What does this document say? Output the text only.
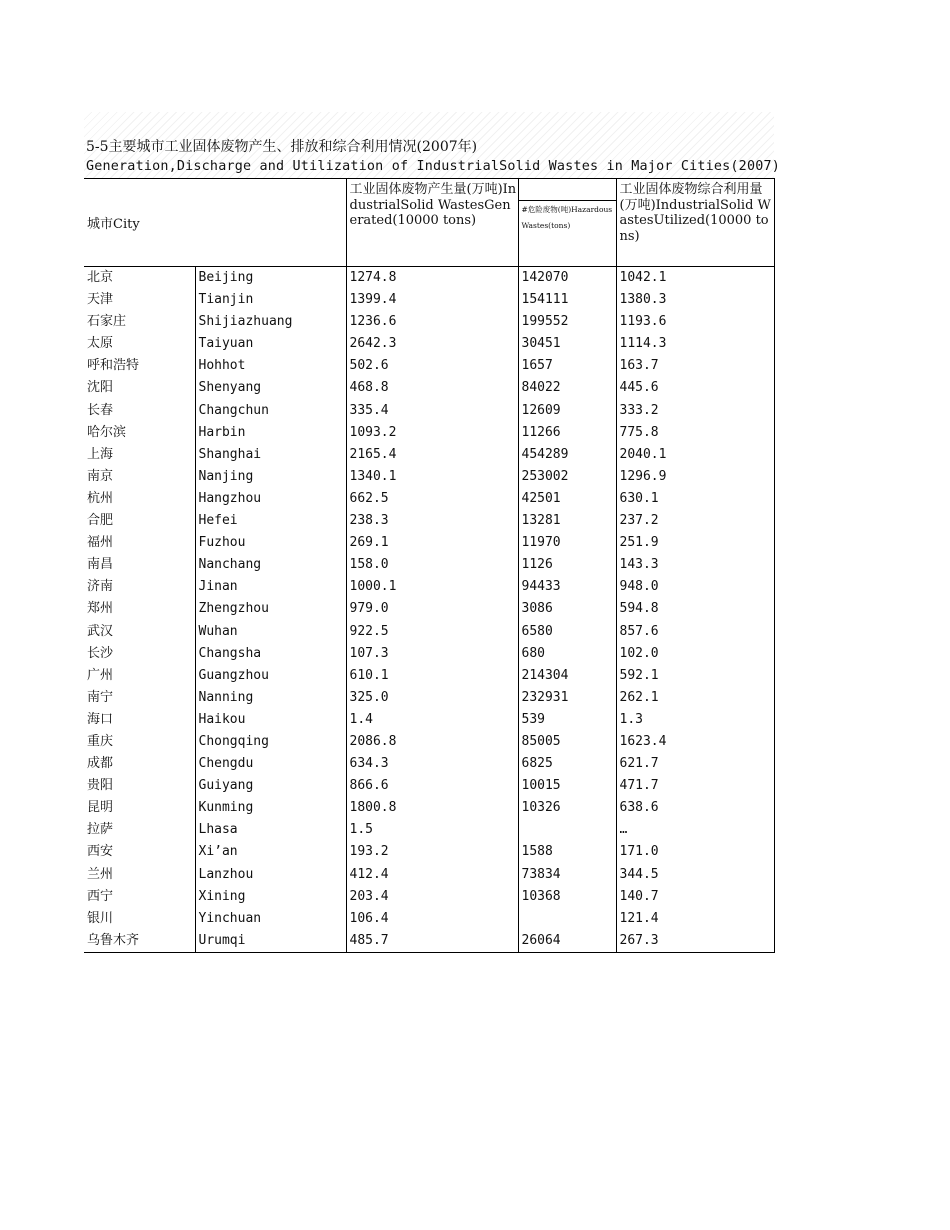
5-5主要城市工业固体废物产生、排放和综合利用情况(2007年)
Generation,Discharge and Utilization of IndustrialSolid Wastes in Major Cities(2007)
城市City		工业固体废物产生量(万吨)IndustrialSolid WastesGenerated(10000 tons)	#危险废物(吨)HazardousWastes(tons)	工业固体废物综合利用量(万吨)IndustrialSolid WastesUtilized(10000 tons)
北京	Beijing	1274.8	142070	1042.1
天津	Tianjin	1399.4	154111	1380.3
石家庄	Shijiazhuang	1236.6	199552	1193.6
太原	Taiyuan	2642.3	30451	1114.3
呼和浩特	Hohhot	502.6	1657	163.7
沈阳	Shenyang	468.8	84022	445.6
长春	Changchun	335.4	12609	333.2
哈尔滨	Harbin	1093.2	11266	775.8
上海	Shanghai	2165.4	454289	2040.1
南京	Nanjing	1340.1	253002	1296.9
杭州	Hangzhou	662.5	42501	630.1
合肥	Hefei	238.3	13281	237.2
福州	Fuzhou	269.1	11970	251.9
南昌	Nanchang	158.0	1126	143.3
济南	Jinan	1000.1	94433	948.0
郑州	Zhengzhou	979.0	3086	594.8
武汉	Wuhan	922.5	6580	857.6
长沙	Changsha	107.3	680	102.0
广州	Guangzhou	610.1	214304	592.1
南宁	Nanning	325.0	232931	262.1
海口	Haikou	1.4	539	1.3
重庆	Chongqing	2086.8	85005	1623.4
成都	Chengdu	634.3	6825	621.7
贵阳	Guiyang	866.6	10015	471.7
昆明	Kunming	1800.8	10326	638.6
拉萨	Lhasa	1.5		…
西安	Xi’an	193.2	1588	171.0
兰州	Lanzhou	412.4	73834	344.5
西宁	Xining	203.4	10368	140.7
银川	Yinchuan	106.4		121.4
乌鲁木齐	Urumqi	485.7	26064	267.3
